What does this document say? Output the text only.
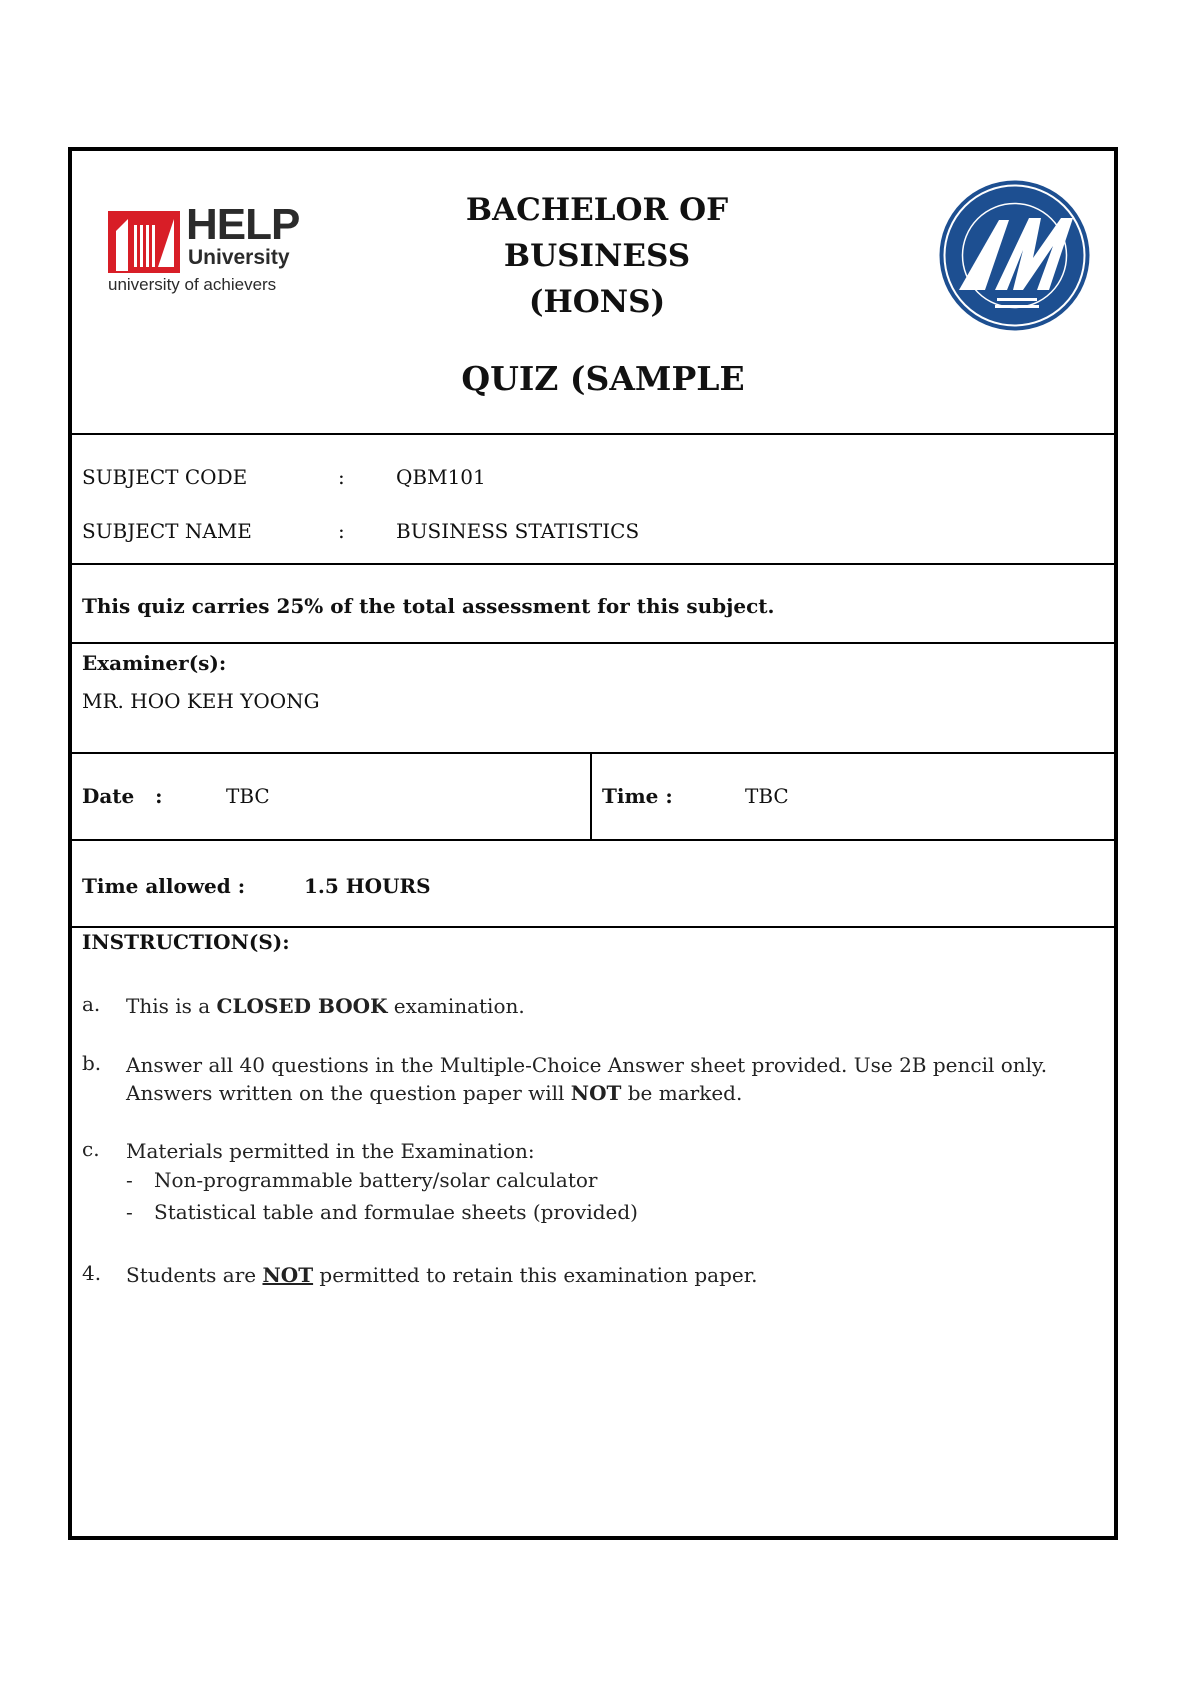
HELP
University
university of achievers
BACHELOR OF BUSINESS
(HONS)
QUIZ (SAMPLE
SUBJECT CODE	:	QBM101
SUBJECT NAME	:	BUSINESS STATISTICS
This quiz carries 25% of the total assessment for this subject.
Examiner(s):
MR. HOO KEH YOONG
Date   :	TBC	Time :	TBC
Time allowed :	1.5 HOURS
INSTRUCTION(S):
a. This is a CLOSED BOOK examination.
b. Answer all 40 questions in the Multiple-Choice Answer sheet provided. Use 2B pencil only.
Answers written on the question paper will NOT be marked.
c. Materials permitted in the Examination:
- Non-programmable battery/solar calculator
- Statistical table and formulae sheets (provided)
4. Students are NOT permitted to retain this examination paper.
